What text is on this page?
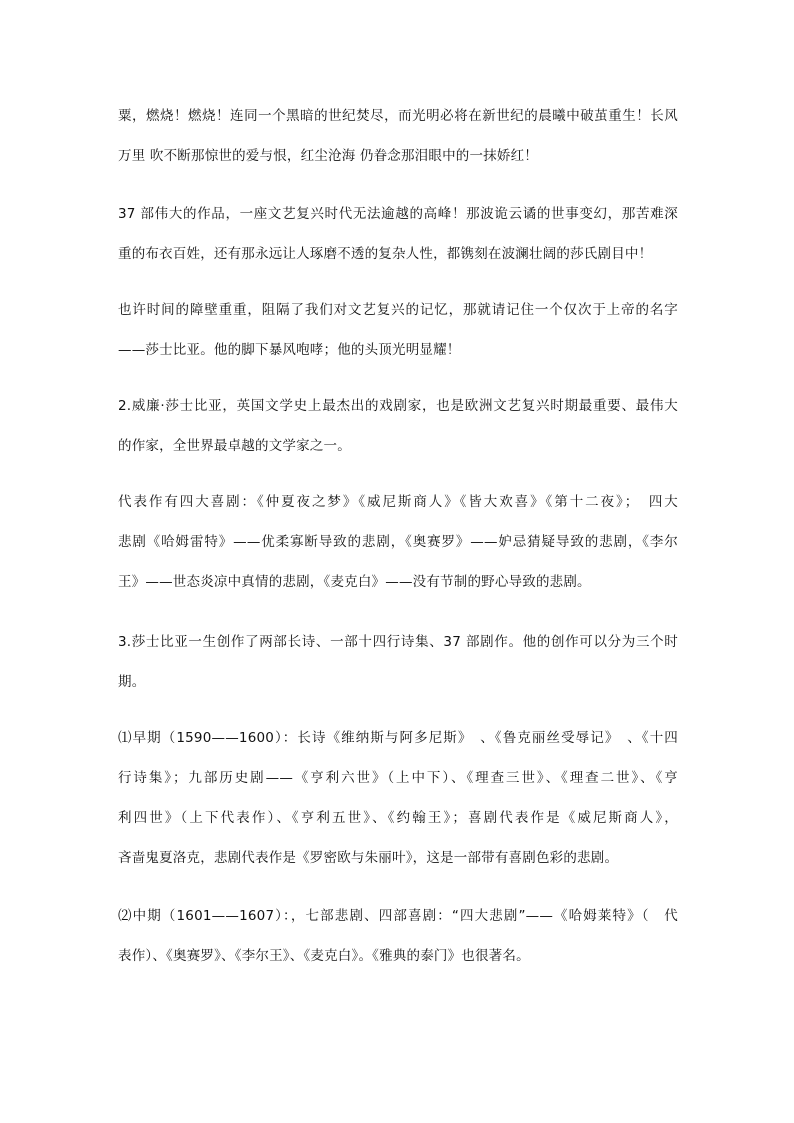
粟，燃烧！燃烧！连同一个黑暗的世纪焚尽，而光明必将在新世纪的晨曦中破茧重生！长风
万里 吹不断那惊世的爱与恨，红尘沧海 仍眷念那泪眼中的一抹娇红！
37 部伟大的作品，一座文艺复兴时代无法逾越的高峰！那波诡云谲的世事变幻，那苦难深
重的布衣百姓，还有那永远让人琢磨不透的复杂人性，都镌刻在波澜壮阔的莎氏剧目中！
也许时间的障壁重重，阻隔了我们对文艺复兴的记忆，那就请记住一个仅次于上帝的名字
——莎士比亚。他的脚下暴风咆哮；他的头顶光明显耀！
2.威廉·莎士比亚，英国文学史上最杰出的戏剧家，也是欧洲文艺复兴时期最重要、最伟大
的作家，全世界最卓越的文学家之一。
代表作有四大喜剧：《仲夏夜之梦》《威尼斯商人》《皆大欢喜》《第十二夜》；　四大
悲剧《哈姆雷特》——优柔寡断导致的悲剧，《奥赛罗》——妒忌猜疑导致的悲剧，《李尔
王》——世态炎凉中真情的悲剧，《麦克白》——没有节制的野心导致的悲剧。
3.莎士比亚一生创作了两部长诗、一部十四行诗集、37 部剧作。他的创作可以分为三个时
期。
⑴早期（1590——1600）：长诗《维纳斯与阿多尼斯》　、《鲁克丽丝受辱记》　、《十四
行诗集》；九部历史剧——《亨利六世》（上中下）、《理查三世》、《理查二世》、《亨
利四世》（上下代表作）、《亨利五世》、《约翰王》；喜剧代表作是《威尼斯商人》，
吝啬鬼夏洛克，悲剧代表作是《罗密欧与朱丽叶》，这是一部带有喜剧色彩的悲剧。
⑵中期（1601——1607）：，七部悲剧、四部喜剧：“四大悲剧”——《哈姆莱特》（　代
表作）、《奥赛罗》、《李尔王》、《麦克白》。《雅典的泰门》也很著名。
